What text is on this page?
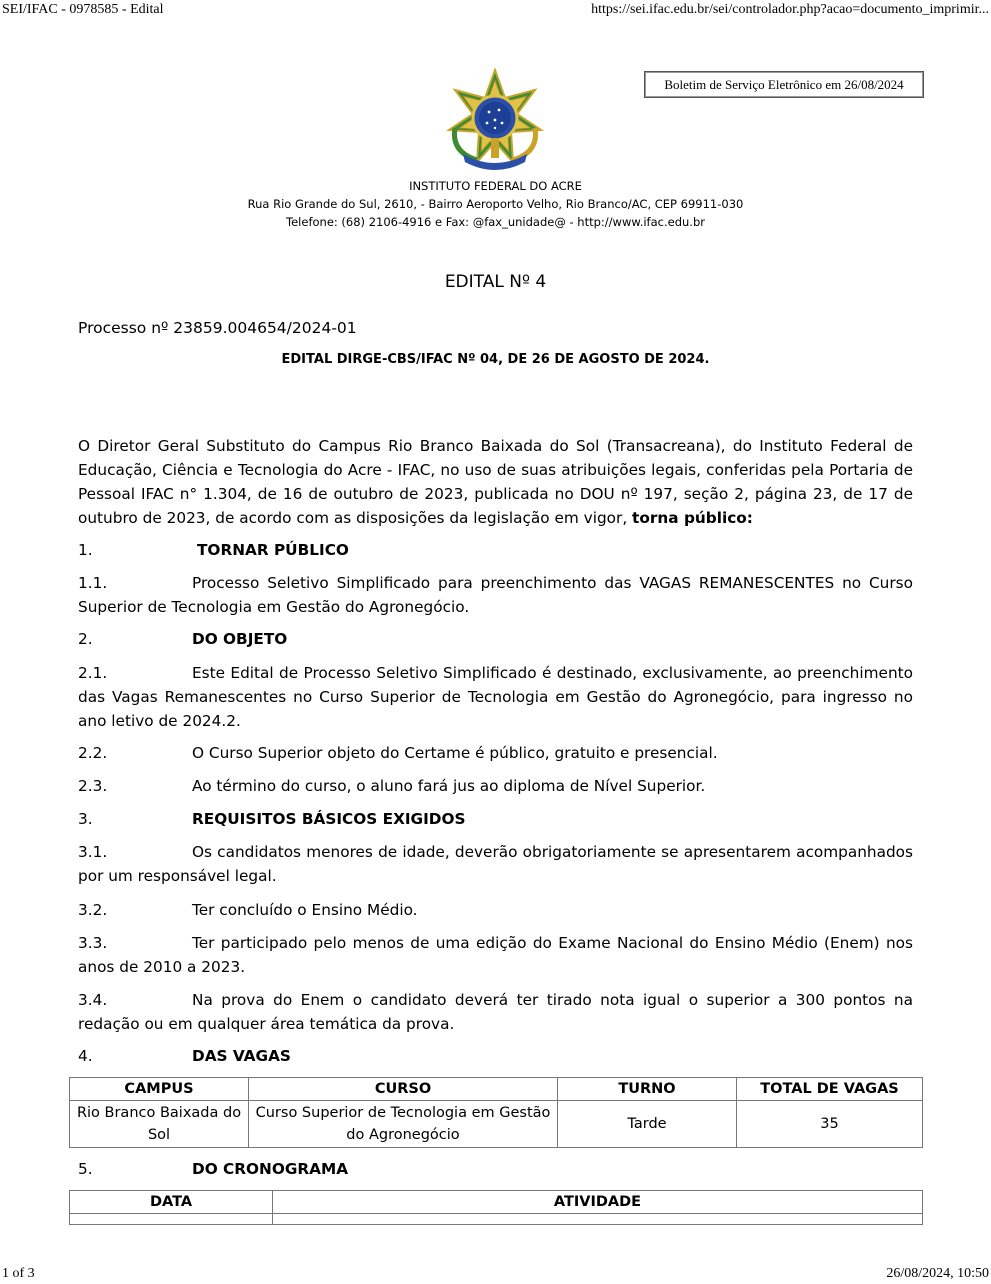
SEI/IFAC - 0978585 - Edital	https://sei.ifac.edu.br/sei/controlador.php?acao=documento_imprimir...
Boletim de Serviço Eletrônico em 26/08/2024
INSTITUTO FEDERAL DO ACRE
Rua Rio Grande do Sul, 2610, - Bairro Aeroporto Velho, Rio Branco/AC, CEP 69911-030
Telefone: (68) 2106-4916 e Fax: @fax_unidade@ - http://www.ifac.edu.br
EDITAL Nº 4
Processo nº 23859.004654/2024-01
EDITAL DIRGE-CBS/IFAC Nº 04, DE 26 DE AGOSTO DE 2024.
O Diretor Geral Substituto do Campus Rio Branco Baixada do Sol (Transacreana), do Instituto Federal de Educação, Ciência e Tecnologia do Acre - IFAC, no uso de suas atribuições legais, conferidas pela Portaria de Pessoal IFAC n° 1.304, de 16 de outubro de 2023, publicada no DOU nº 197, seção 2, página 23, de 17 de outubro de 2023, de acordo com as disposições da legislação em vigor, torna público:
1.	TORNAR PÚBLICO
1.1.	Processo Seletivo Simplificado para preenchimento das VAGAS REMANESCENTES no Curso Superior de Tecnologia em Gestão do Agronegócio.
2.	DO OBJETO
2.1.	Este Edital de Processo Seletivo Simplificado é destinado, exclusivamente, ao preenchimento das Vagas Remanescentes no Curso Superior de Tecnologia em Gestão do Agronegócio, para ingresso no ano letivo de 2024.2.
2.2.	O Curso Superior objeto do Certame é público, gratuito e presencial.
2.3.	Ao término do curso, o aluno fará jus ao diploma de Nível Superior.
3.	REQUISITOS BÁSICOS EXIGIDOS
3.1.	Os candidatos menores de idade, deverão obrigatoriamente se apresentarem acompanhados por um responsável legal.
3.2.	Ter concluído o Ensino Médio.
3.3.	Ter participado pelo menos de uma edição do Exame Nacional do Ensino Médio (Enem) nos anos de 2010 a 2023.
3.4.	Na prova do Enem o candidato deverá ter tirado nota igual o superior a 300 pontos na redação ou em qualquer área temática da prova.
4.	DAS VAGAS
CAMPUS	CURSO	TURNO	TOTAL DE VAGAS
Rio Branco Baixada do Sol	Curso Superior de Tecnologia em Gestão do Agronegócio	Tarde	35
5.	DO CRONOGRAMA
DATA	ATIVIDADE

1 of 3	26/08/2024, 10:50
